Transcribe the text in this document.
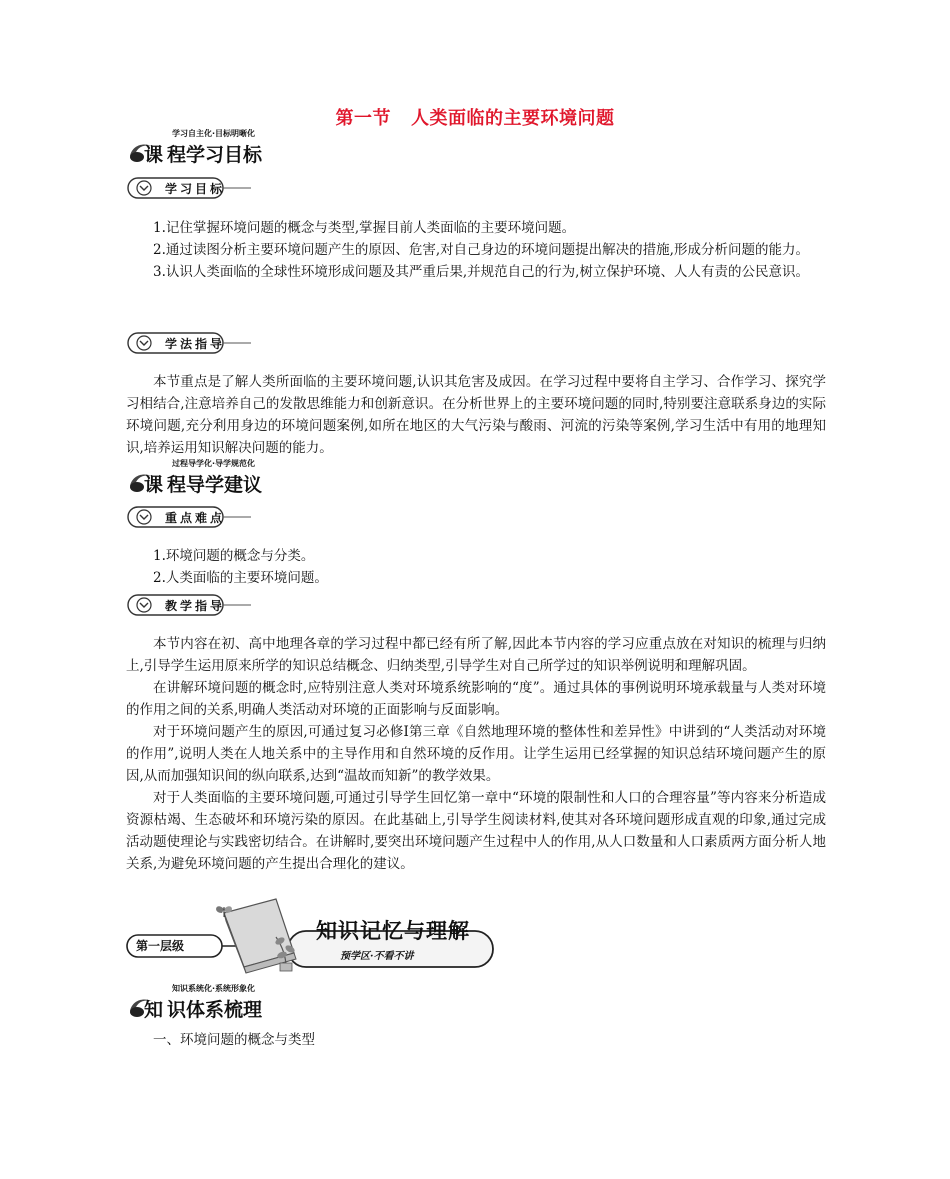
第一节 人类面临的主要环境问题
学习自主化·目标明晰化
课 程学习目标
学习目标

1.记住掌握环境问题的概念与类型,掌握目前人类面临的主要环境问题。

2.通过读图分析主要环境问题产生的原因、危害,对自己身边的环境问题提出解决的措施,形成分析问题的能力。

3.认识人类面临的全球性环境形成问题及其严重后果,并规范自己的行为,树立保护环境、人人有责的公民意识。

学法指导

本节重点是了解人类所面临的主要环境问题,认识其危害及成因。在学习过程中要将自主学习、合作学习、探究学习相结合,注意培养自己的发散思维能力和创新意识。在分析世界上的主要环境问题的同时,特别要注意联系身边的实际环境问题,充分利用身边的环境问题案例,如所在地区的大气污染与酸雨、河流的污染等案例,学习生活中有用的地理知识,培养运用知识解决问题的能力。

过程导学化·导学规范化
课 程导学建议
重点难点

1.环境问题的概念与分类。

2.人类面临的主要环境问题。

教学指导

本节内容在初、高中地理各章的学习过程中都已经有所了解,因此本节内容的学习应重点放在对知识的梳理与归纳上,引导学生运用原来所学的知识总结概念、归纳类型,引导学生对自己所学过的知识举例说明和理解巩固。

在讲解环境问题的概念时,应特别注意人类对环境系统影响的“度”。通过具体的事例说明环境承载量与人类对环境的作用之间的关系,明确人类活动对环境的正面影响与反面影响。

对于环境问题产生的原因,可通过复习必修Ⅰ第三章《自然地理环境的整体性和差异性》中讲到的“人类活动对环境的作用”,说明人类在人地关系中的主导作用和自然环境的反作用。让学生运用已经掌握的知识总结环境问题产生的原因,从而加强知识间的纵向联系,达到“温故而知新”的教学效果。

对于人类面临的主要环境问题,可通过引导学生回忆第一章中“环境的限制性和人口的合理容量”等内容来分析造成资源枯竭、生态破坏和环境污染的原因。在此基础上,引导学生阅读材料,使其对各环境问题形成直观的印象,通过完成活动题使理论与实践密切结合。在讲解时,要突出环境问题产生过程中人的作用,从人口数量和人口素质两方面分析人地关系,为避免环境问题的产生提出合理化的建议。

第一层级
知识记忆与理解
预学区·不看不讲
知识系统化·系统形象化
知 识体系梳理

一、环境问题的概念与类型
